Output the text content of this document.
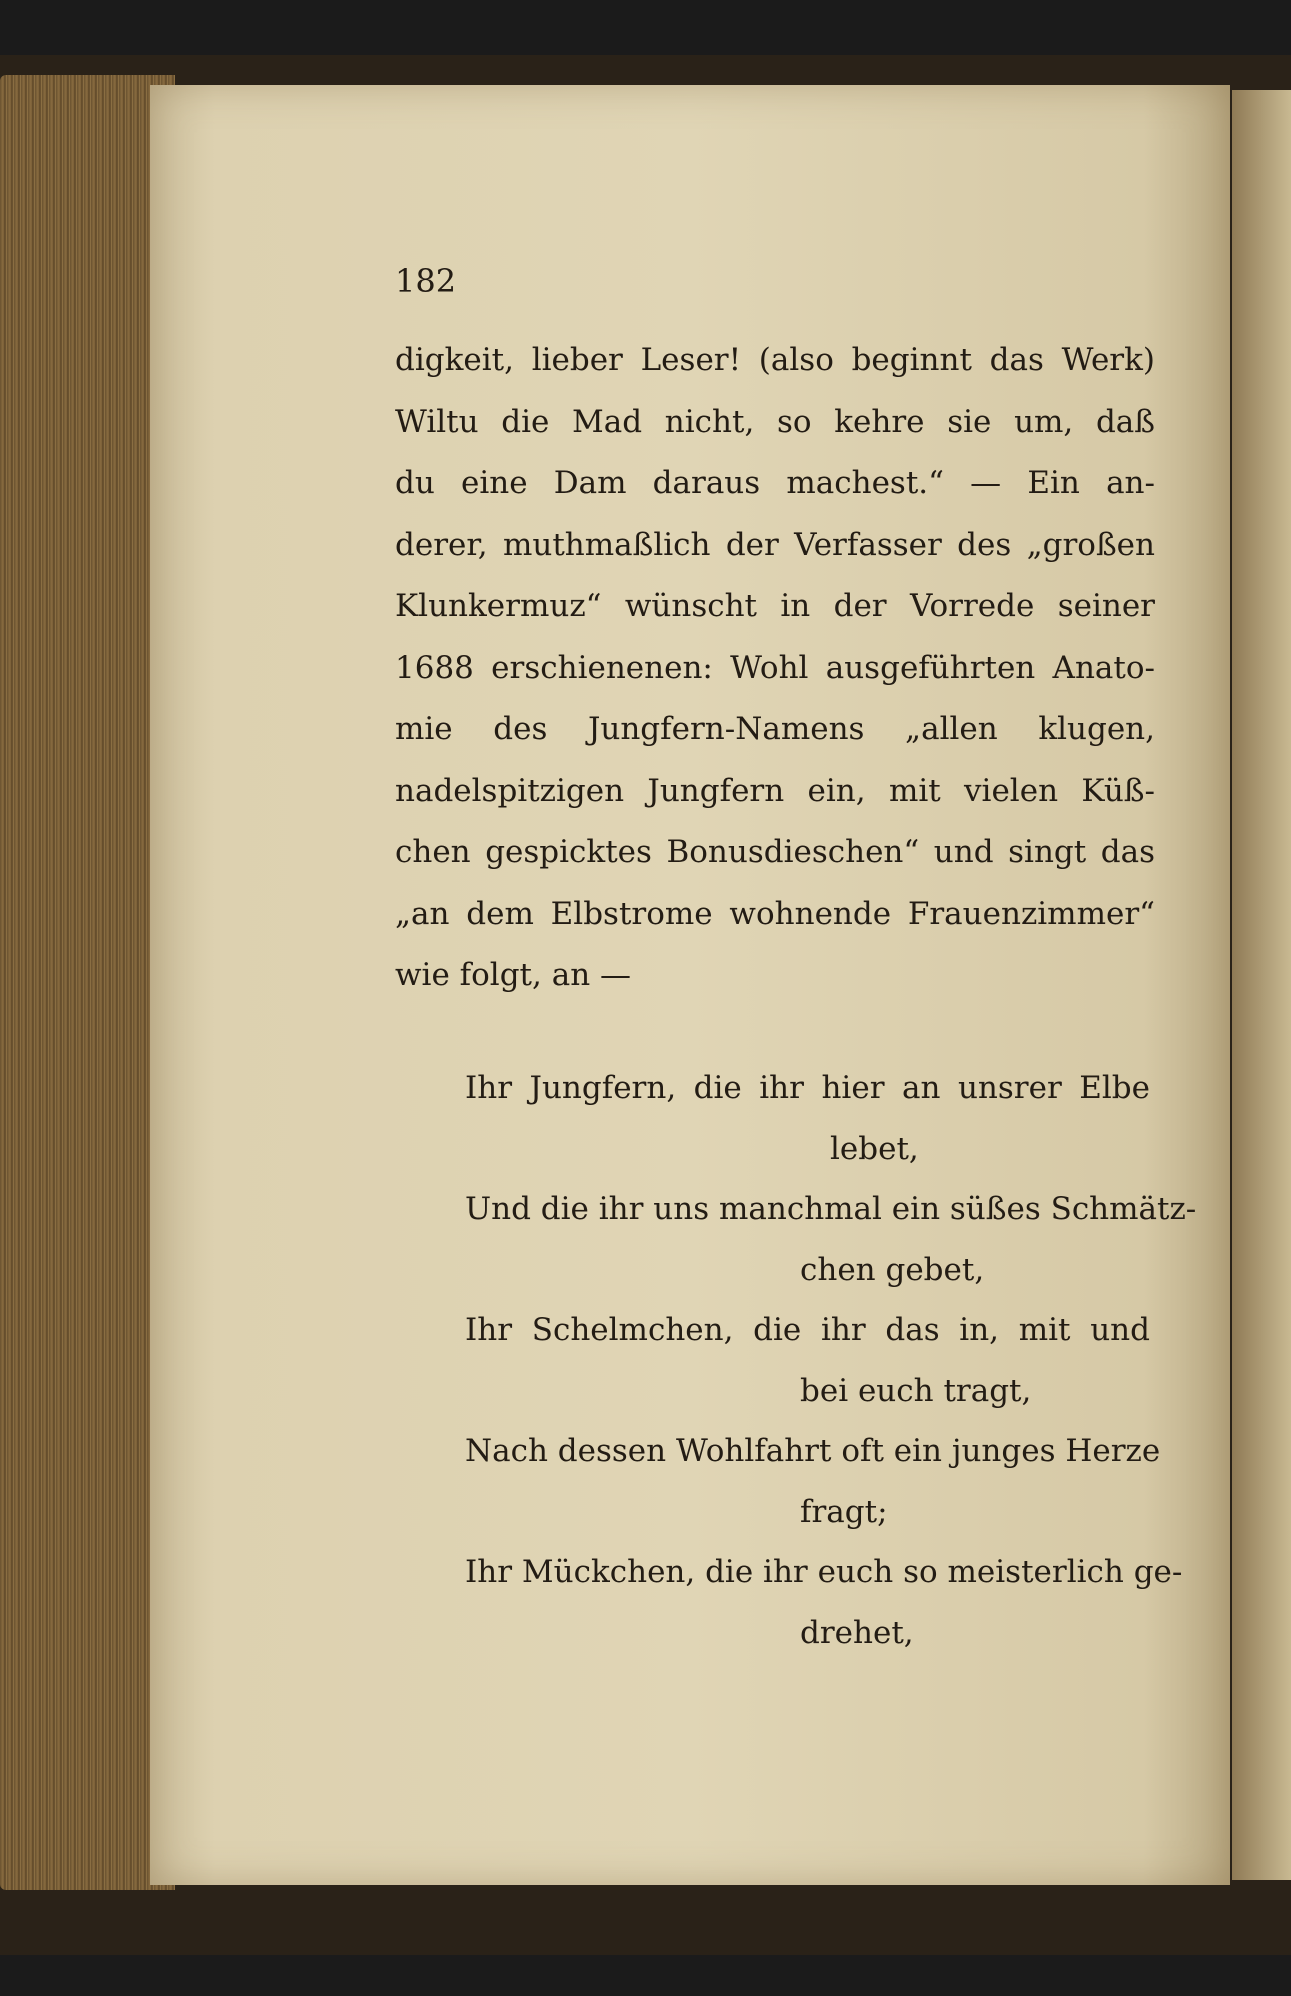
182
digkeit, lieber Leser! (also beginnt das Werk)
Wiltu die Mad nicht, so kehre sie um, daß
du eine Dam daraus machest.“ — Ein an-
derer, muthmaßlich der Verfasser des „großen
Klunkermuz“ wünscht in der Vorrede seiner
1688 erschienenen: Wohl ausgeführten Anato-
mie des Jungfern-Namens „allen klugen,
nadelspitzigen Jungfern ein, mit vielen Küß-
chen gespicktes Bonusdieschen“ und singt das
„an dem Elbstrome wohnende Frauenzimmer“
wie folgt, an —
Ihr Jungfern, die ihr hier an unsrer Elbe
lebet,
Und die ihr uns manchmal ein süßes Schmätz-
chen gebet,
Ihr Schelmchen, die ihr das in, mit und
bei euch tragt,
Nach dessen Wohlfahrt oft ein junges Herze
fragt;
Ihr Mückchen, die ihr euch so meisterlich ge-
drehet,
